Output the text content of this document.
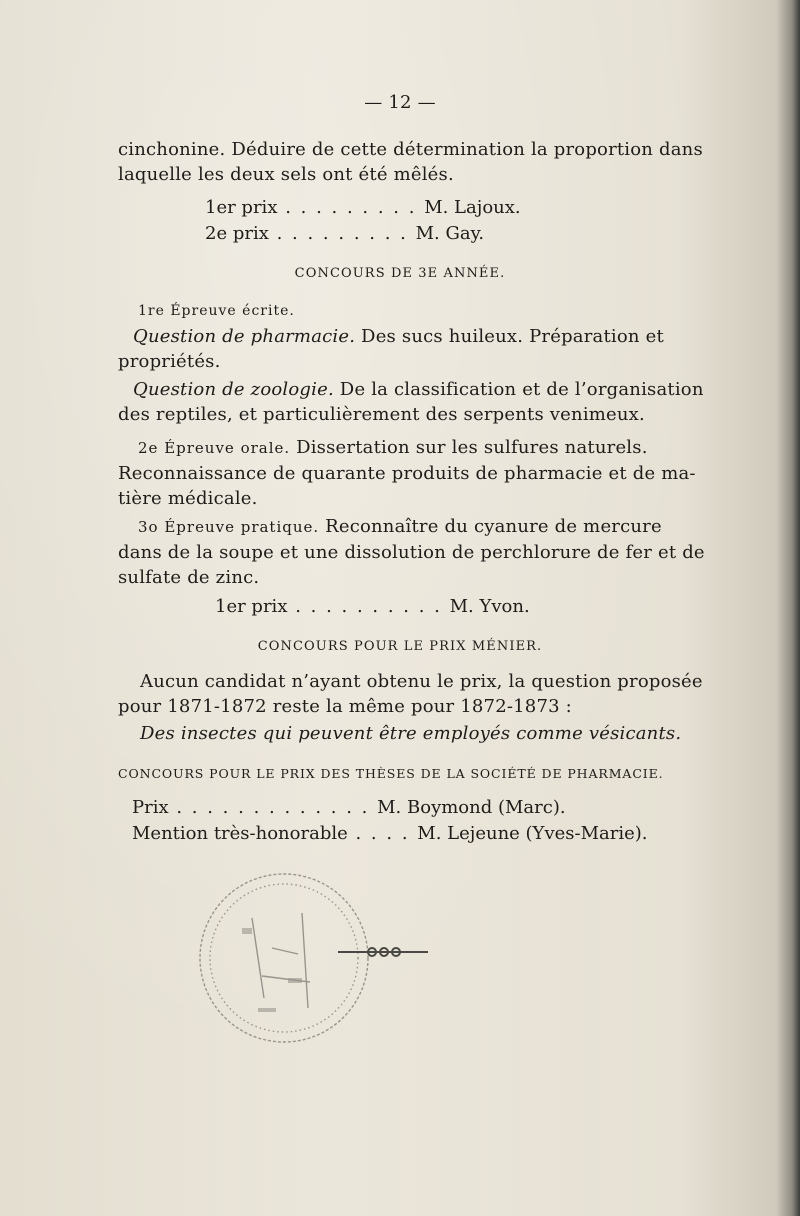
— 12 —
cinchonine. Déduire de cette détermination la proportion dans
laquelle les deux sels ont été mêlés.
1er prix . . . . . . . . . M. Lajoux.
2e prix . . . . . . . . . M. Gay.
CONCOURS DE 3E ANNÉE.
1re Épreuve écrite.
Question de pharmacie. Des sucs huileux. Préparation et
propriétés.
Question de zoologie. De la classification et de l’organisation
des reptiles, et particulièrement des serpents venimeux.
2e Épreuve orale. Dissertation sur les sulfures naturels.
Reconnaissance de quarante produits de pharmacie et de ma-
tière médicale.
3o Épreuve pratique. Reconnaître du cyanure de mercure
dans de la soupe et une dissolution de perchlorure de fer et de
sulfate de zinc.
1er prix . . . . . . . . . . M. Yvon.
CONCOURS POUR LE PRIX MÉNIER.
Aucun candidat n’ayant obtenu le prix, la question proposée
pour 1871-1872 reste la même pour 1872-1873 :
Des insectes qui peuvent être employés comme vésicants.
CONCOURS POUR LE PRIX DES THÈSES DE LA SOCIÉTÉ DE PHARMACIE.
Prix . . . . . . . . . . . . . M. Boymond (Marc).
Mention très-honorable . . . . M. Lejeune (Yves-Marie).
